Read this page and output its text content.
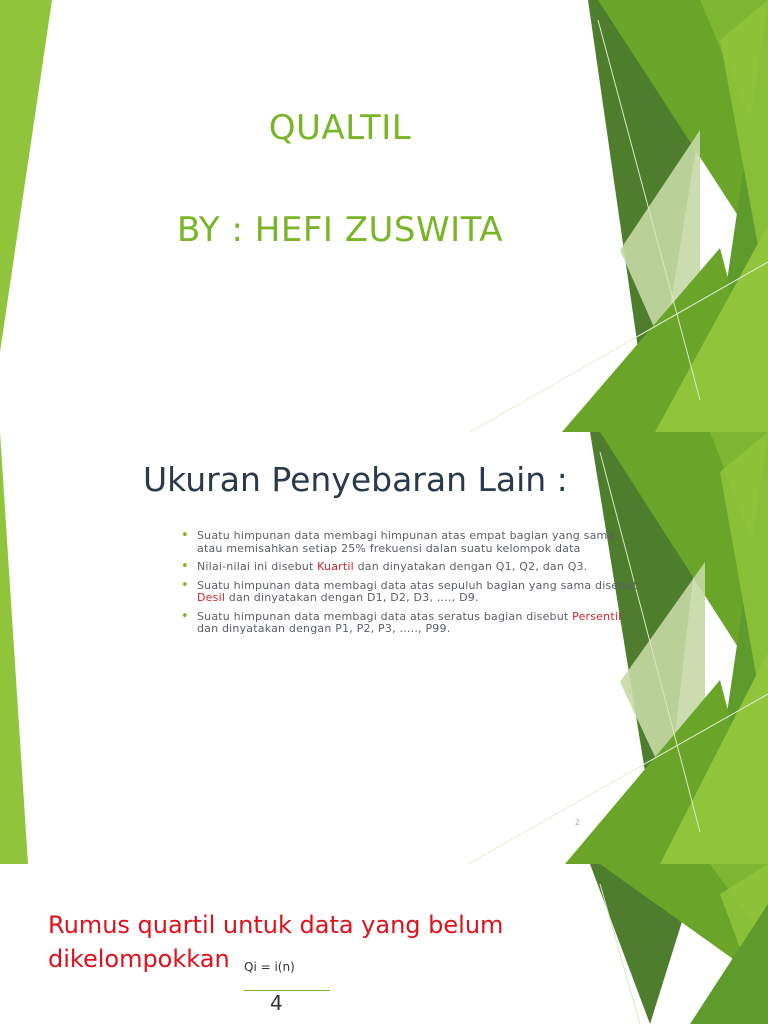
QUALTIL
BY : HEFI ZUSWITA
Ukuran Penyebaran Lain :
• Suatu himpunan data membagi himpunan atas empat bagian yang sama atau memisahkan setiap 25% frekuensi dalan suatu kelompok data
• Nilai-nilai ini disebut Kuartil dan dinyatakan dengan Q1, Q2, dan Q3.
• Suatu himpunan data membagi data atas sepuluh bagian yang sama disebut Desil dan dinyatakan dengan D1, D2, D3, …., D9.
• Suatu himpunan data membagi data atas seratus bagian disebut Persentil dan dinyatakan dengan P1, P2, P3, ….., P99.
2
Rumus quartil untuk data yang belum dikelompokkan	Qi = i(n)
4
